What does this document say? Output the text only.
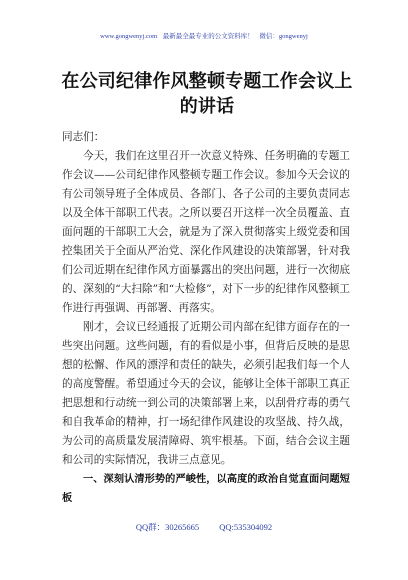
www.gongwenyj.com 最新最全最专业的公文资料库！ 微信：gongwenyj
在公司纪律作风整顿专题工作会议上的讲话

同志们：

今天，我们在这里召开一次意义特殊、任务明确的专题工作会议——公司纪律作风整顿专题工作会议。参加今天会议的有公司领导班子全体成员、各部门、各子公司的主要负责同志以及全体干部职工代表。之所以要召开这样一次全员覆盖、直面问题的干部职工大会，就是为了深入贯彻落实上级党委和国控集团关于全面从严治党、深化作风建设的决策部署，针对我们公司近期在纪律作风方面暴露出的突出问题，进行一次彻底的、深刻的“大扫除”和“大检修”，对下一步的纪律作风整顿工作进行再强调、再部署、再落实。

刚才，会议已经通报了近期公司内部在纪律方面存在的一些突出问题。这些问题，有的看似是小事，但背后反映的是思想的松懈、作风的漂浮和责任的缺失，必须引起我们每一个人的高度警醒。希望通过今天的会议，能够让全体干部职工真正把思想和行动统一到公司的决策部署上来，以刮骨疗毒的勇气和自我革命的精神，打一场纪律作风建设的攻坚战、持久战，为公司的高质量发展清障碍、筑牢根基。下面，结合会议主题和公司的实际情况，我讲三点意见。

一、深刻认清形势的严峻性，以高度的政治自觉直面问题短板

QQ群：30265665 QQ:535304092
